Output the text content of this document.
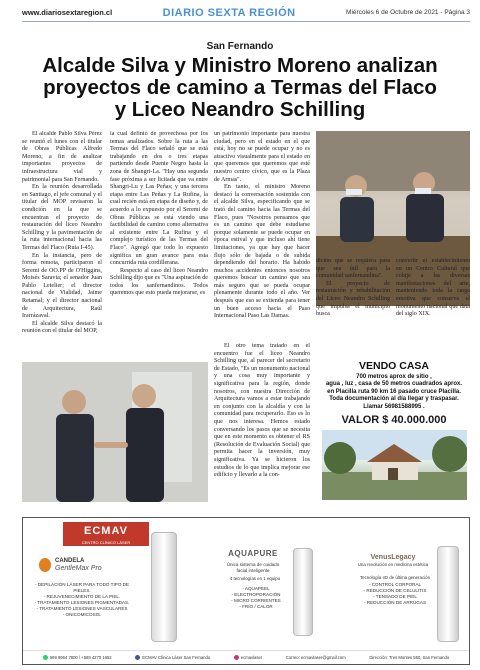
www.diariosextaregion.cl	DIARIO SEXTA REGIÓN	Miércoles 6 de Octubre de 2021 - Página 3
San Fernando
Alcalde Silva y Ministro Moreno analizan
proyectos de camino a Termas del Flaco
y Liceo Neandro Schilling

El alcalde Pablo Silva Pérez se reunió el lunes con el titular de Obras Públicas Alfredo Moreno, a fin de analizar importantes proyectos de infraestructura vial y patrimonial para San Fernando.

En la reunión desarrollada en Santiago, el jefe comunal y el titular del MOP revisaron la condición en la que se encuentran el proyecto de restauración del liceo Neandro Schilling y la pavimentación de la ruta internacional hacia las Termas del Flaco (Ruta I-45).

En la instancia, pero de forma remota, participaron el Seremi de OO.PP de O'Higgins, Moisés Saravia; el senador Juan Pablo Letelier; el director nacional de Vialidad, Jaime Retamal; y el director nacional de Arquitectura, Raúl Irarrázaval.

El alcalde Silva destacó la reunión con el titular del MOP,

la cual definió de provechosa por los temas analizados. Sobre la ruta a las Termas del Flaco señaló que se está trabajando en dos o tres etapas partiendo desde Puente Negro hasta la zona de Shangri-La. "Hay una segunda fase próxima a ser licitada que va entre Shangri-Lu y Las Peñas; y una tercera etapa entre Las Peñas y La Rufina, la cual recién está en etapa de diseño y, de acuerdo a lo expuesto por el Seremi de Obras Públicas se está viendo una factibilidad de camino como alternativa al existente entre La Rufina y el complejo turístico de las Termas del Flaco". Agregó que todo lo expuesto significa un gran avance para esta concurrida ruta cordillerana.

Respecto al caso del liceo Neandro Schilling dijo que es "Una aspiración de todos los sanfernandinos. Todos queremos que esto pueda mejorarse, es

un patrimonio importante para nuestra ciudad, pero en el estado en el que está, hoy no se puede ocupar y no es atractivo visualmente para el estado en que queremos que queremos que esté nuestro centro cívico, que es la Plaza de Armas".

En tanto, el ministro Moreno destacó la conversación sostenida con el alcalde Silva, especificando que se trató del camino hacia las Termas del Flaco, pues "Nosotros pensamos que es un camino que debe estudiarse porque solamente se puede ocupar en época estival y que incluso ahí tiene limitaciones, ya que hay que hacer flujo sólo de bajada o de subida dependiendo del horario. Ha habido muchos accidentes entonces nosotros queremos buscar un camino que sea más seguro que se pueda ocupar plenamente durante todo el año. Ver después que eso se extienda para tener un buen acceso hacia el Paso Internacional Paso Las Damas.

El otro tema tratado en el encuentro fue el liceo Neandro Schilling que, al parecer del secretario de Estado, "Es un monumento nacional y una cosa muy importante y significativa para la región, donde nosotros, con nuestra Dirección de Arquitectura vamos a estar trabajando en conjunto con la alcaldía y con la comunidad para recuperarlo. Eso es lo que nos interesa. Hemos estado conversando los pasos que se necesita que en este momento es obtener el RS (Resolución de Evaluación Social) que permita hacer la inversión, muy significativa. Ya se hicieron los estudios de lo que implica mejorar ese edificio y llevarlo a la con-

dición que se requiera para que sea útil para la comunidad sanfernandina".

El proyecto de restauración y rehabilitación del Liceo Neandro Schilling que impulsa el municipio busca

convertir el establecimiento en un Centro Cultural que cobije a las diversas manifestaciones del arte, manteniendo toda la carga emotiva que conserva el monumento nacional que data del siglo XIX.

VENDO CASA
700 metros aprox de sitio ,
agua , luz , casa de 50 metros cuadrados aprox.
en Placilla ruta 90 km 16 pasado cruce Placilla.
Toda documentación al día llegar y traspasar.
Llamar 56981588995 .
VALOR $ 40.000.000
ECMAV
CENTRO CLÍNICO LÁSER
CANDELA
GentleMax Pro
- DEPILACIÓN LÁSER PARA TODO TIPO DE PIELES.
- REJUVENECIMIENTO DE LA PIEL.
- TRATAMIENTO LESIONES PIGMENTADAS.
- TRATAMIENTO LESIONES VASCULARES
- ONICOMICOSIS.
AQUAPURE
Única sistema de cuidado facial inteligente
4 tecnologías en 1 equipo
- AQUAPEEL
- ELECTROPORACIÓN
- MICRO CORRIENTES
- FRÍO / CALOR
VenusLegacy
Una revolución en medicina estética
Tecnología 4D de última generación
- CONTROL CORPORAL
- REDUCCIÓN DE CELULITIS
- TENSADO DE PIEL
- REDUCCIÓN DE ARRUGAS
569 9964 7800 / +569 4270 1652	ECMAV Clínica Láser San Fernando	ecmavlaser	Correo: ecmavlaser@gmail.com	Dirección: Tres Montes 560, San Fernando
